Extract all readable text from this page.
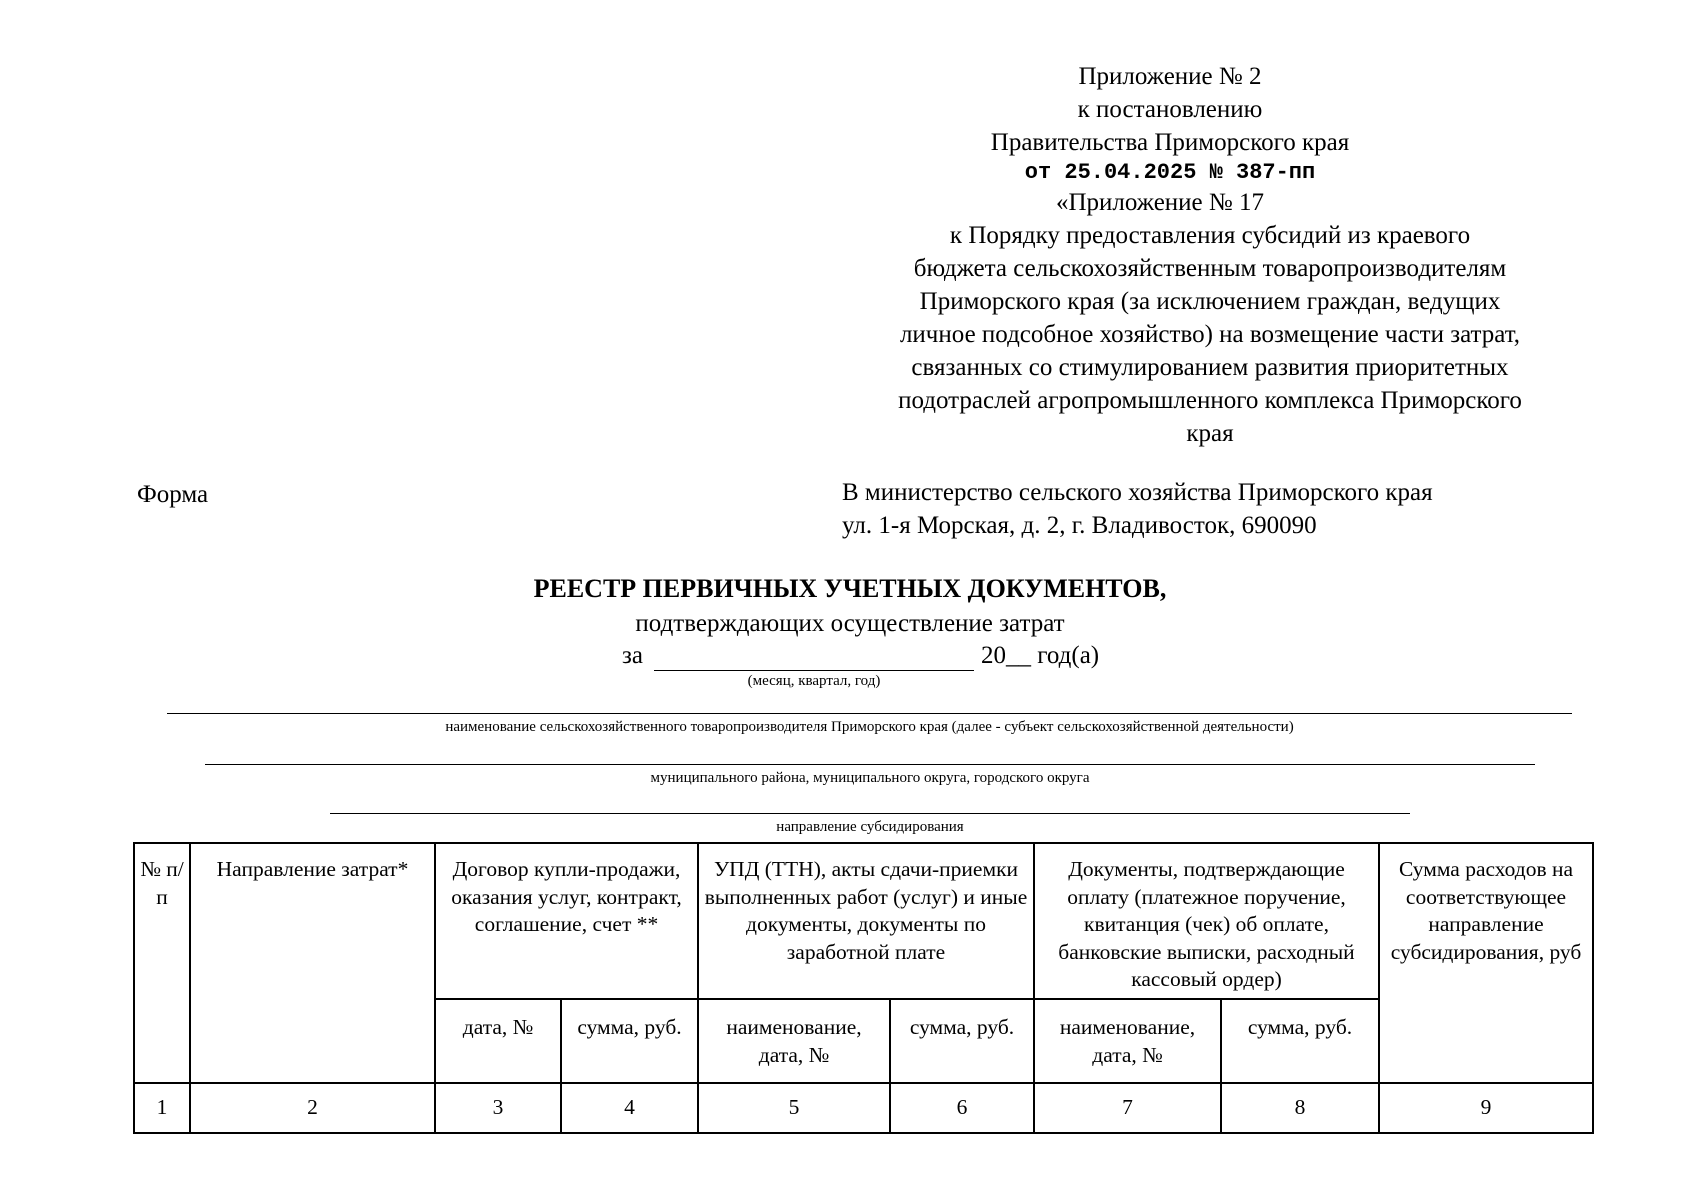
Приложение № 2
к постановлению
Правительства Приморского края
от 25.04.2025 № 387-пп
«Приложение № 17
к Порядку предоставления субсидий из краевого
бюджета сельскохозяйственным товаропроизводителям
Приморского края (за исключением граждан, ведущих
личное подсобное хозяйство) на возмещение части затрат,
связанных со стимулированием развития приоритетных
подотраслей агропромышленного комплекса Приморского
края
Форма	В министерство сельского хозяйства Приморского края
ул. 1-я Морская, д. 2, г. Владивосток, 690090
РЕЕСТР ПЕРВИЧНЫХ УЧЕТНЫХ ДОКУМЕНТОВ,
подтверждающих осуществление затрат
за	20__ год(а)
(месяц, квартал, год)
наименование сельскохозяйственного товаропроизводителя Приморского края (далее - субъект сельскохозяйственной деятельности)
муниципального района, муниципального округа, городского округа
направление субсидирования
№ п/п	Направление затрат*	Договор купли-продажи, оказания услуг, контракт, соглашение, счет **		УПД (ТТН), акты сдачи-приемки выполненных работ (услуг) и иные документы, документы по заработной плате		Документы, подтверждающие оплату (платежное поручение, квитанция (чек) об оплате, банковские выписки, расходный кассовый ордер)		Сумма расходов на соответствующее направление субсидирования, руб
		дата, №	сумма, руб.	наименование, дата, №	сумма, руб.	наименование, дата, №	сумма, руб.	
1	2	3	4	5	6	7	8	9
